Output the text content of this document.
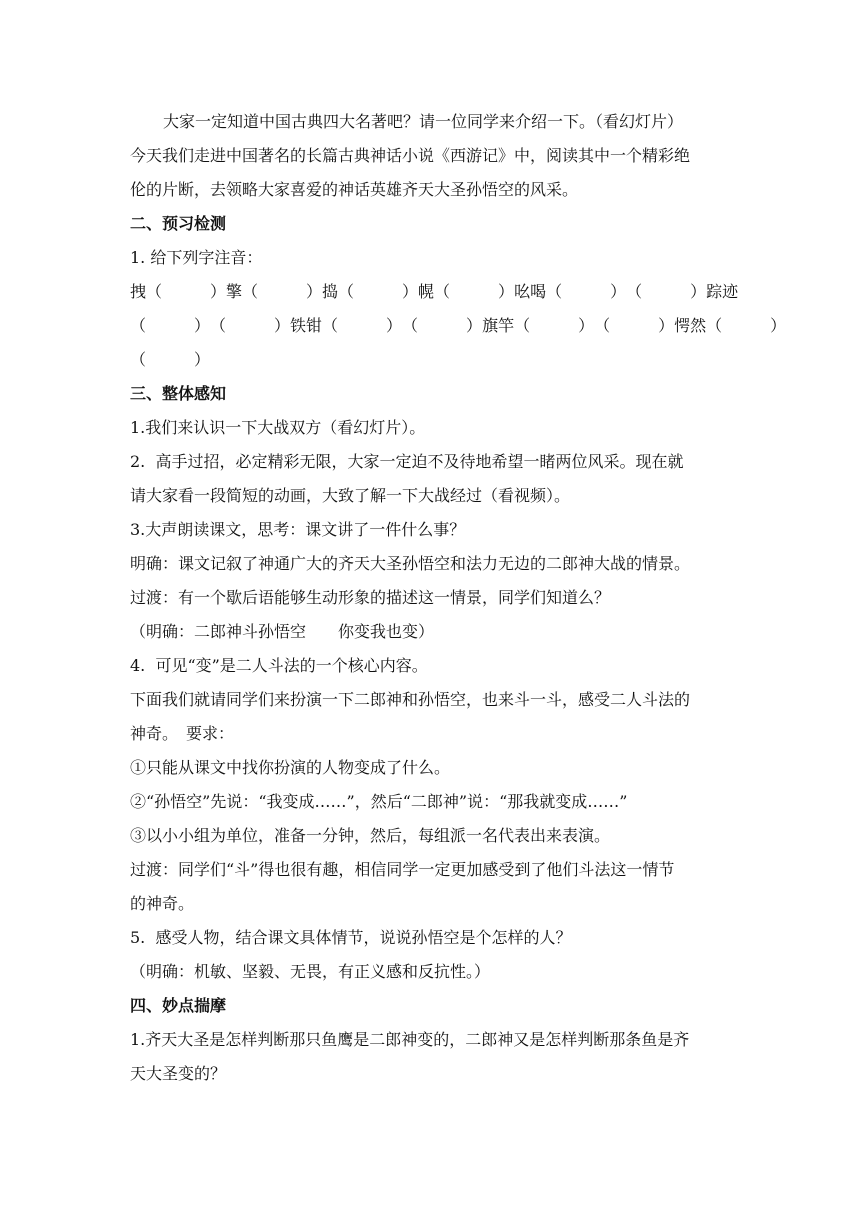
大家一定知道中国古典四大名著吧？请一位同学来介绍一下。（看幻灯片）

今天我们走进中国著名的长篇古典神话小说《西游记》中，阅读其中一个精彩绝

伦的片断，去领略大家喜爱的神话英雄齐天大圣孙悟空的风采。

二、预习检测

1. 给下列字注音：

拽（　　　） 擎（　　　） 捣（　　　） 幌（　　　） 吆喝（　　　） （　　　） 踪迹
（　　　） （　　　） 铁钳（　　　） （　　　） 旗竿（　　　） （　　　） 愕然（　　　）

（　　　）

三、整体感知

1.我们来认识一下大战双方（看幻灯片）。

2.  高手过招，必定精彩无限，大家一定迫不及待地希望一睹两位风采。现在就

请大家看一段简短的动画，大致了解一下大战经过（看视频）。

3.大声朗读课文，思考：课文讲了一件什么事？

明确：课文记叙了神通广大的齐天大圣孙悟空和法力无边的二郎神大战的情景。

过渡：有一个歇后语能够生动形象的描述这一情景，同学们知道么？

（明确：二郎神斗孙悟空　　你变我也变）

4.  可见“变”是二人斗法的一个核心内容。

下面我们就请同学们来扮演一下二郎神和孙悟空，也来斗一斗，感受二人斗法的

神奇。　要求：

①只能从课文中找你扮演的人物变成了什么。

②“孙悟空”先说：“我变成……”，然后“二郎神”说：“那我就变成……”

③以小小组为单位，准备一分钟，然后，每组派一名代表出来表演。

过渡：同学们“斗”得也很有趣，相信同学一定更加感受到了他们斗法这一情节

的神奇。

5.  感受人物，结合课文具体情节，说说孙悟空是个怎样的人？

（明确：机敏、坚毅、无畏，有正义感和反抗性。）

四、妙点揣摩

1.齐天大圣是怎样判断那只鱼鹰是二郎神变的，二郎神又是怎样判断那条鱼是齐

天大圣变的？
